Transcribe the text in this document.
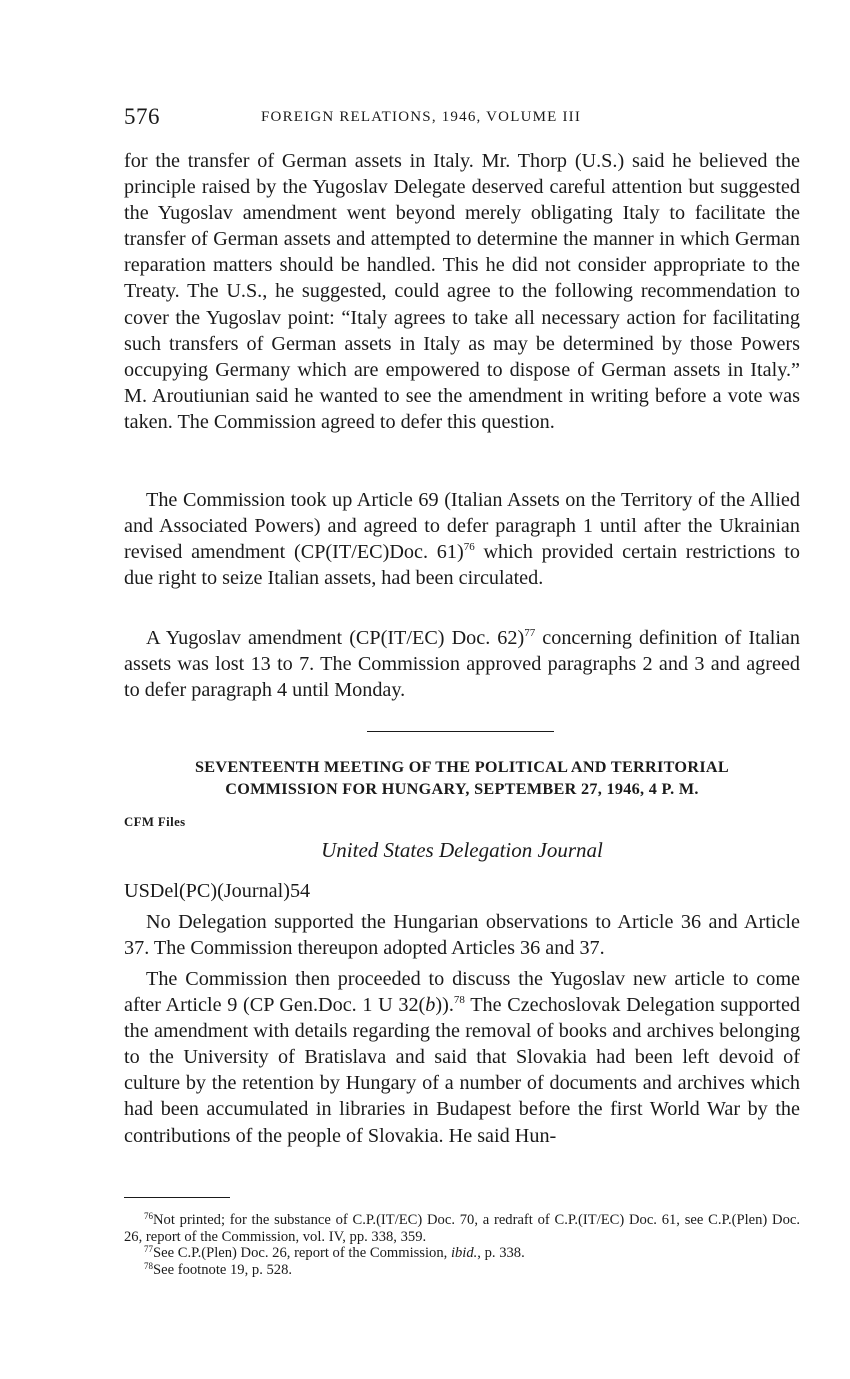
576	FOREIGN RELATIONS, 1946, VOLUME III

for the transfer of German assets in Italy. Mr. Thorp (U.S.) said he believed the principle raised by the Yugoslav Delegate deserved careful attention but suggested the Yugoslav amendment went beyond merely obligating Italy to facilitate the transfer of German assets and attempted to determine the manner in which German reparation matters should be handled. This he did not consider appropriate to the Treaty. The U.S., he suggested, could agree to the following recommendation to cover the Yugoslav point: “Italy agrees to take all necessary action for facilitating such transfers of German assets in Italy as may be determined by those Powers occupying Germany which are empowered to dispose of German assets in Italy.” M. Aroutiunian said he wanted to see the amendment in writing before a vote was taken. The Commission agreed to defer this question.

The Commission took up Article 69 (Italian Assets on the Territory of the Allied and Associated Powers) and agreed to defer paragraph 1 until after the Ukrainian revised amendment (CP(IT/EC)Doc. 61)$^{76}$ which provided certain restrictions to due right to seize Italian assets, had been circulated.

A Yugoslav amendment (CP(IT/EC) Doc. 62)$^{77}$ concerning definition of Italian assets was lost 13 to 7. The Commission approved paragraphs 2 and 3 and agreed to defer paragraph 4 until Monday.

SEVENTEENTH MEETING OF THE POLITICAL AND TERRITORIAL
COMMISSION FOR HUNGARY, SEPTEMBER 27, 1946, 4 P. M.
CFM Files
United States Delegation Journal
USDel(PC)(Journal)54

No Delegation supported the Hungarian observations to Article 36 and Article 37. The Commission thereupon adopted Articles 36 and 37.

The Commission then proceeded to discuss the Yugoslav new article to come after Article 9 (CP Gen.Doc. 1 U 32(b)).$^{78}$ The Czechoslovak Delegation supported the amendment with details regarding the removal of books and archives belonging to the University of Bratislava and said that Slovakia had been left devoid of culture by the retention by Hungary of a number of documents and archives which had been accumulated in libraries in Budapest before the first World War by the contributions of the people of Slovakia. He said Hun-

$^{76}$Not printed; for the substance of C.P.(IT/EC) Doc. 70, a redraft of C.P.(IT/EC) Doc. 61, see C.P.(Plen) Doc. 26, report of the Commission, vol. IV, pp. 338, 359.

$^{77}$See C.P.(Plen) Doc. 26, report of the Commission, ibid., p. 338.

$^{78}$See footnote 19, p. 528.
